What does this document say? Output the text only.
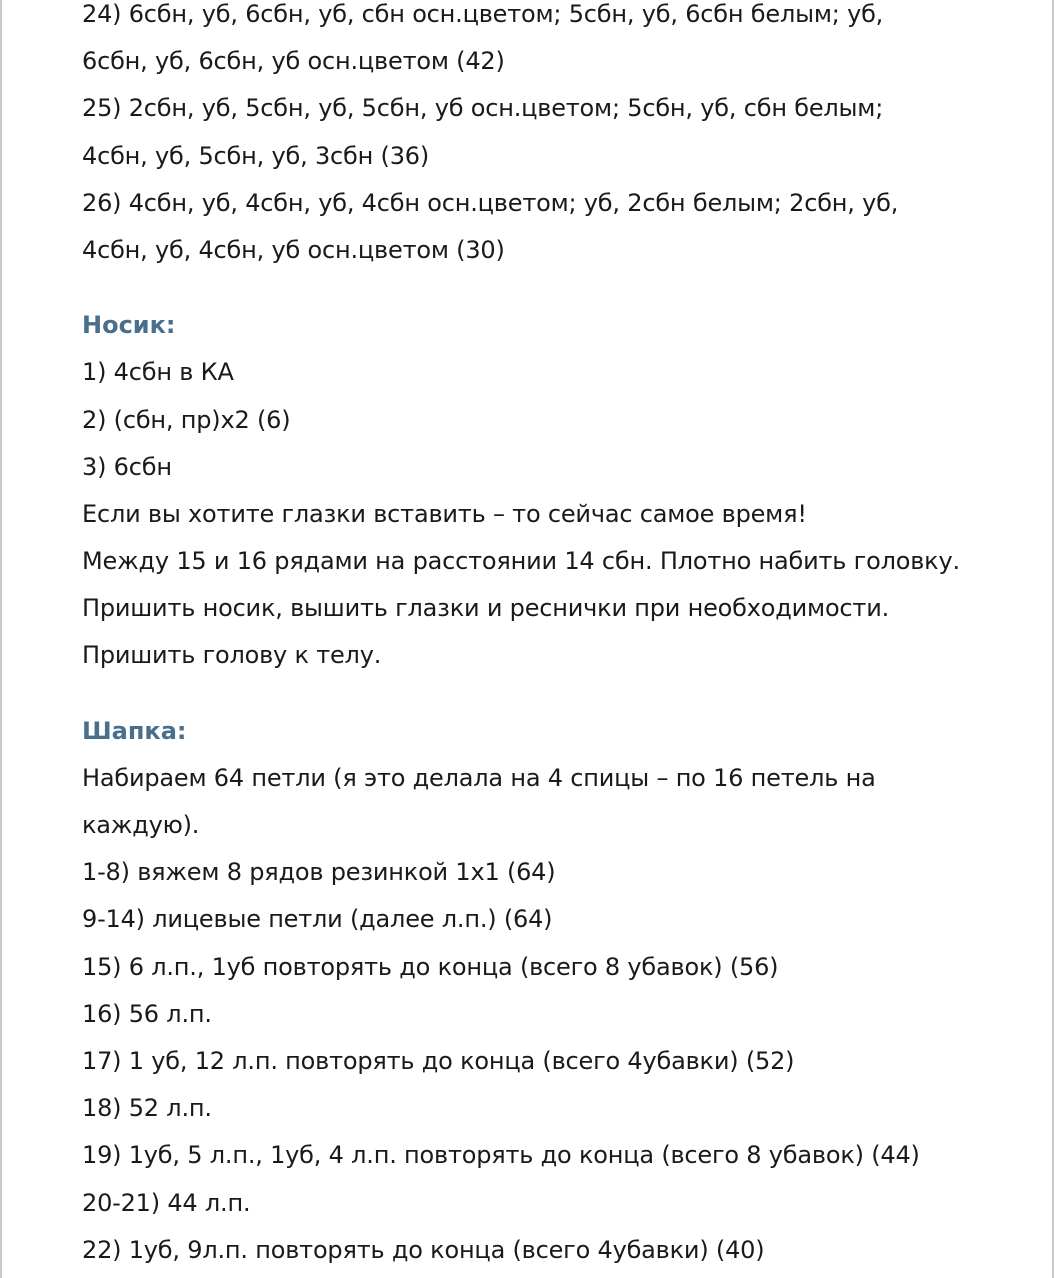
24) 6сбн, уб, 6сбн, уб, сбн осн.цветом; 5сбн, уб, 6сбн белым; уб,
6сбн, уб, 6сбн, уб осн.цветом (42)
25) 2сбн, уб, 5сбн, уб, 5сбн, уб осн.цветом; 5сбн, уб, сбн белым;
4сбн, уб, 5сбн, уб, 3сбн (36)
26) 4сбн, уб, 4сбн, уб, 4сбн осн.цветом; уб, 2сбн белым; 2сбн, уб,
4сбн, уб, 4сбн, уб осн.цветом (30)
Носик:
1) 4сбн в КА
2) (сбн, пр)х2 (6)
3) 6сбн
Если вы хотите глазки вставить – то сейчас самое время!
Между 15 и 16 рядами на расстоянии 14 сбн. Плотно набить головку.
Пришить носик, вышить глазки и реснички при необходимости.
Пришить голову к телу.
Шапка:
Набираем 64 петли (я это делала на 4 спицы – по 16 петель на
каждую).
1-8) вяжем 8 рядов резинкой 1х1 (64)
9-14) лицевые петли (далее л.п.) (64)
15) 6 л.п., 1уб повторять до конца (всего 8 убавок) (56)
16) 56 л.п.
17) 1 уб, 12 л.п. повторять до конца (всего 4убавки) (52)
18) 52 л.п.
19) 1уб, 5 л.п., 1уб, 4 л.п. повторять до конца (всего 8 убавок) (44)
20-21) 44 л.п.
22) 1уб, 9л.п. повторять до конца (всего 4убавки) (40)
